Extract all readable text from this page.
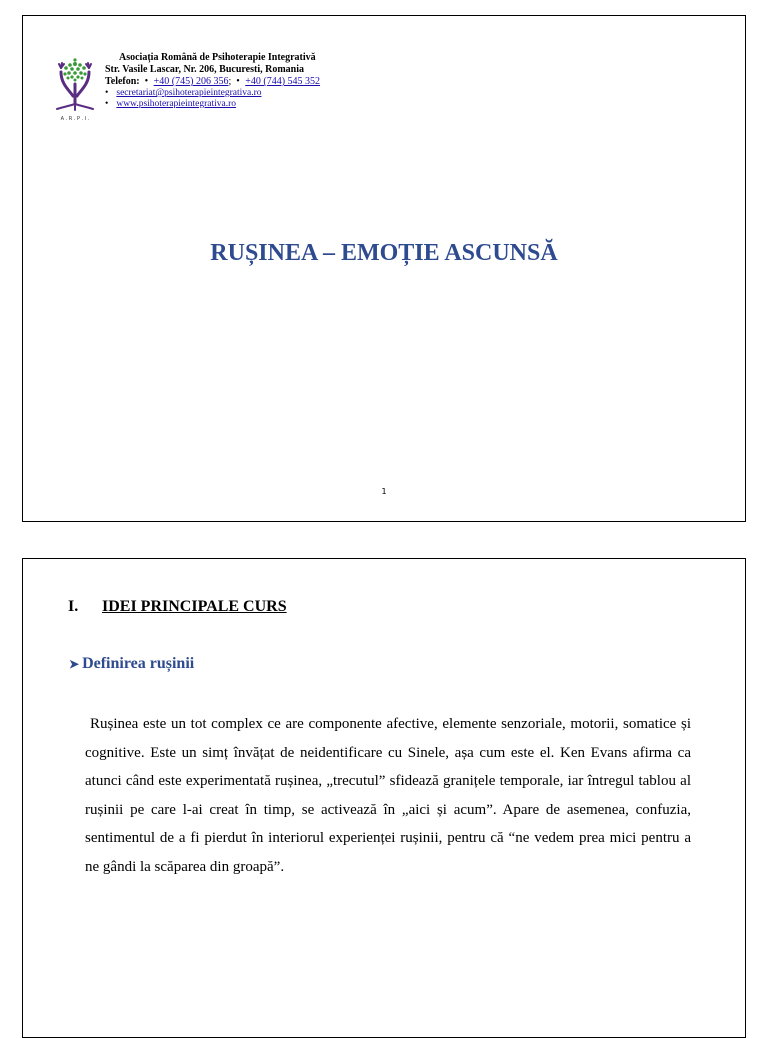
A . R . P . I .
Asociația Română de Psihoterapie Integrativă
Str. Vasile Lascar, Nr. 206, Bucuresti, Romania
Telefon:  • +40 (745) 206 356;  • +40 (744) 545 352
• secretariat@psihoterapieintegrativa.ro
• www.psihoterapieintegrativa.ro
RUȘINEA – EMOȚIE ASCUNSĂ
1
I. IDEI PRINCIPALE CURS
➤ Definirea rușinii
Rușinea este un tot complex ce are componente afective, elemente senzoriale, motorii, somatice și cognitive. Este un simț învățat de neidentificare cu Sinele, așa cum este el. Ken Evans afirma ca atunci când este experimentată rușinea, „trecutul” sfidează granițele temporale, iar întregul tablou al rușinii pe care l-ai creat în timp, se activează în „aici și acum”. Apare de asemenea, confuzia, sentimentul de a fi pierdut în interiorul experienței rușinii, pentru că “ne vedem prea mici pentru a ne gândi la scăparea din groapă”.
